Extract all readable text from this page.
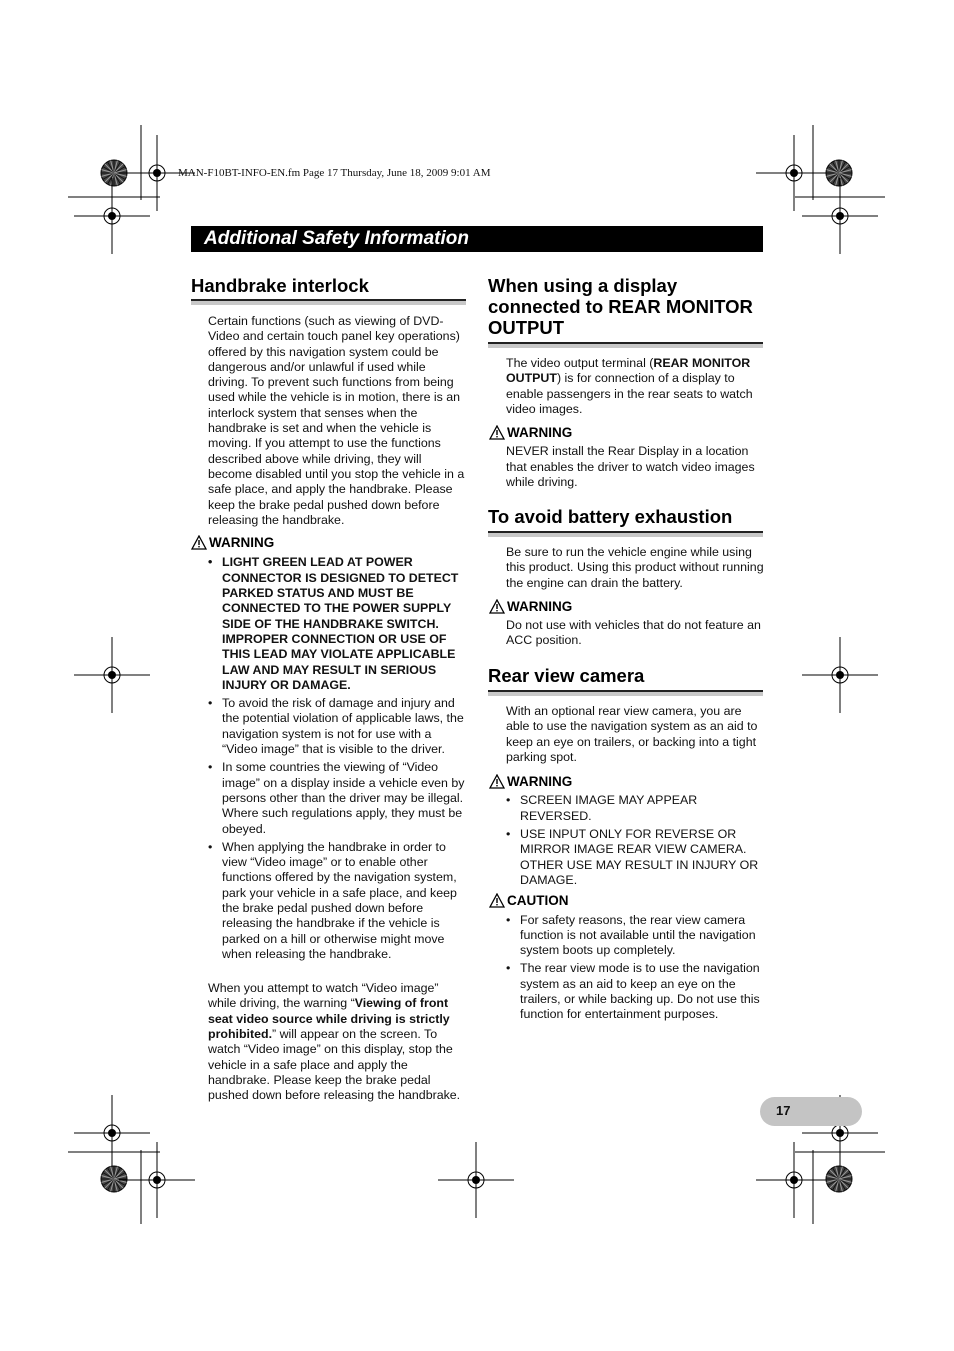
MAN-F10BT-INFO-EN.fm Page 17 Thursday, June 18, 2009 9:01 AM
Additional Safety Information
Handbrake interlock

Certain functions (such as viewing of DVD-Video and certain touch panel key operations) offered by this navigation system could be dangerous and/or unlawful if used while driving. To prevent such functions from being used while the vehicle is in motion, there is an interlock system that senses when the handbrake is set and when the vehicle is moving. If you attempt to use the functions described above while driving, they will become disabled until you stop the vehicle in a safe place, and apply the handbrake. Please keep the brake pedal pushed down before releasing the handbrake.

WARNING
• LIGHT GREEN LEAD AT POWER CONNECTOR IS DESIGNED TO DETECT PARKED STATUS AND MUST BE CONNECTED TO THE POWER SUPPLY SIDE OF THE HANDBRAKE SWITCH. IMPROPER CONNECTION OR USE OF THIS LEAD MAY VIOLATE APPLICABLE LAW AND MAY RESULT IN SERIOUS INJURY OR DAMAGE.
• To avoid the risk of damage and injury and the potential violation of applicable laws, the navigation system is not for use with a “Video image” that is visible to the driver.
• In some countries the viewing of “Video image” on a display inside a vehicle even by persons other than the driver may be illegal. Where such regulations apply, they must be obeyed.
• When applying the handbrake in order to view “Video image” or to enable other functions offered by the navigation system, park your vehicle in a safe place, and keep the brake pedal pushed down before releasing the handbrake if the vehicle is parked on a hill or otherwise might move when releasing the handbrake.

When you attempt to watch “Video image” while driving, the warning “Viewing of front seat video source while driving is strictly prohibited.” will appear on the screen. To watch “Video image” on this display, stop the vehicle in a safe place and apply the handbrake. Please keep the brake pedal pushed down before releasing the handbrake.

When using a display
connected to REAR MONITOR
OUTPUT

The video output terminal (REAR MONITOR OUTPUT) is for connection of a display to enable passengers in the rear seats to watch video images.

WARNING

NEVER install the Rear Display in a location that enables the driver to watch video images while driving.

To avoid battery exhaustion

Be sure to run the vehicle engine while using this product. Using this product without running the engine can drain the battery.

WARNING

Do not use with vehicles that do not feature an ACC position.

Rear view camera

With an optional rear view camera, you are able to use the navigation system as an aid to keep an eye on trailers, or backing into a tight parking spot.

WARNING
• SCREEN IMAGE MAY APPEAR REVERSED.
• USE INPUT ONLY FOR REVERSE OR MIRROR IMAGE REAR VIEW CAMERA. OTHER USE MAY RESULT IN INJURY OR DAMAGE.
CAUTION
• For safety reasons, the rear view camera function is not available until the navigation system boots up completely.
• The rear view mode is to use the navigation system as an aid to keep an eye on the trailers, or while backing up. Do not use this function for entertainment purposes.
17
